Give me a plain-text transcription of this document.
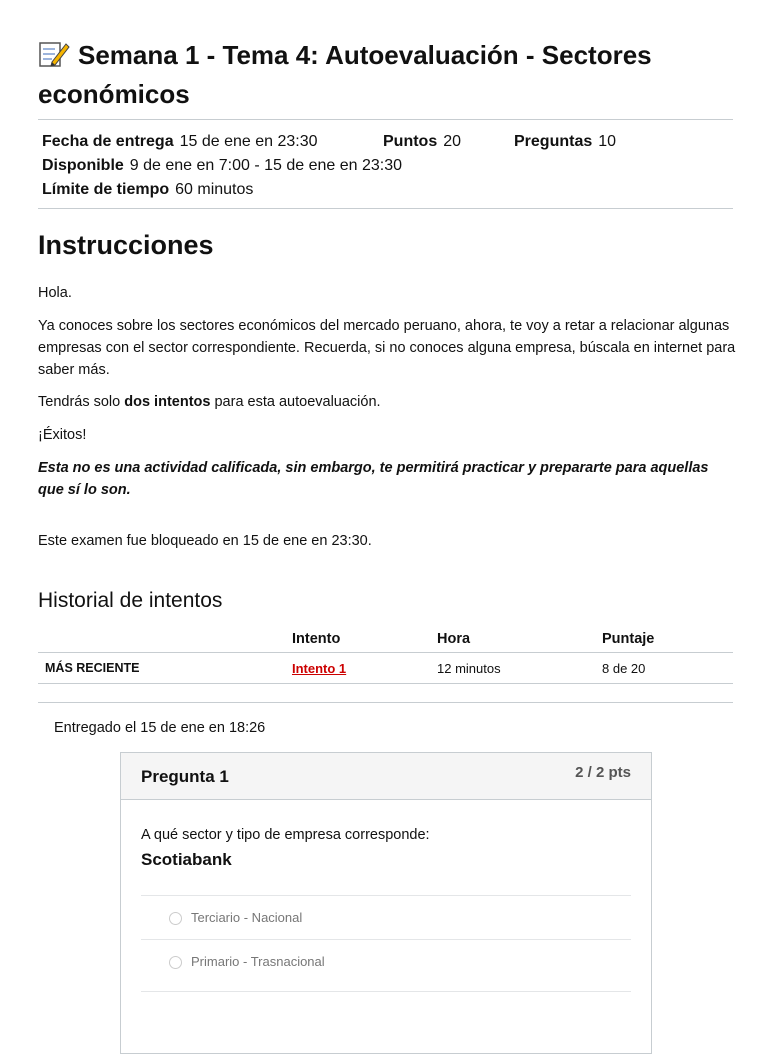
Semana 1 - Tema 4: Autoevaluación - Sectores económicos
Fecha de entrega 15 de ene en 23:30	Puntos 20	Preguntas 10
Disponible 9 de ene en 7:00 - 15 de ene en 23:30
Límite de tiempo 60 minutos
Instrucciones

Hola.

Ya conoces sobre los sectores económicos del mercado peruano, ahora, te voy a retar a relacionar algunas empresas con el sector correspondiente. Recuerda, si no conoces alguna empresa, búscala en internet para saber más.

Tendrás solo dos intentos para esta autoevaluación.

¡Éxitos!

Esta no es una actividad calificada, sin embargo, te permitirá practicar y prepararte para aquellas que sí lo son.

Este examen fue bloqueado en 15 de ene en 23:30.

Historial de intentos
	Intento	Hora	Puntaje
MÁS RECIENTE	Intento 1	12 minutos	8 de 20
Entregado el 15 de ene en 18:26
Pregunta 1	2 / 2 pts
A qué sector y tipo de empresa corresponde:
Scotiabank
Terciario - Nacional
Primario - Trasnacional
